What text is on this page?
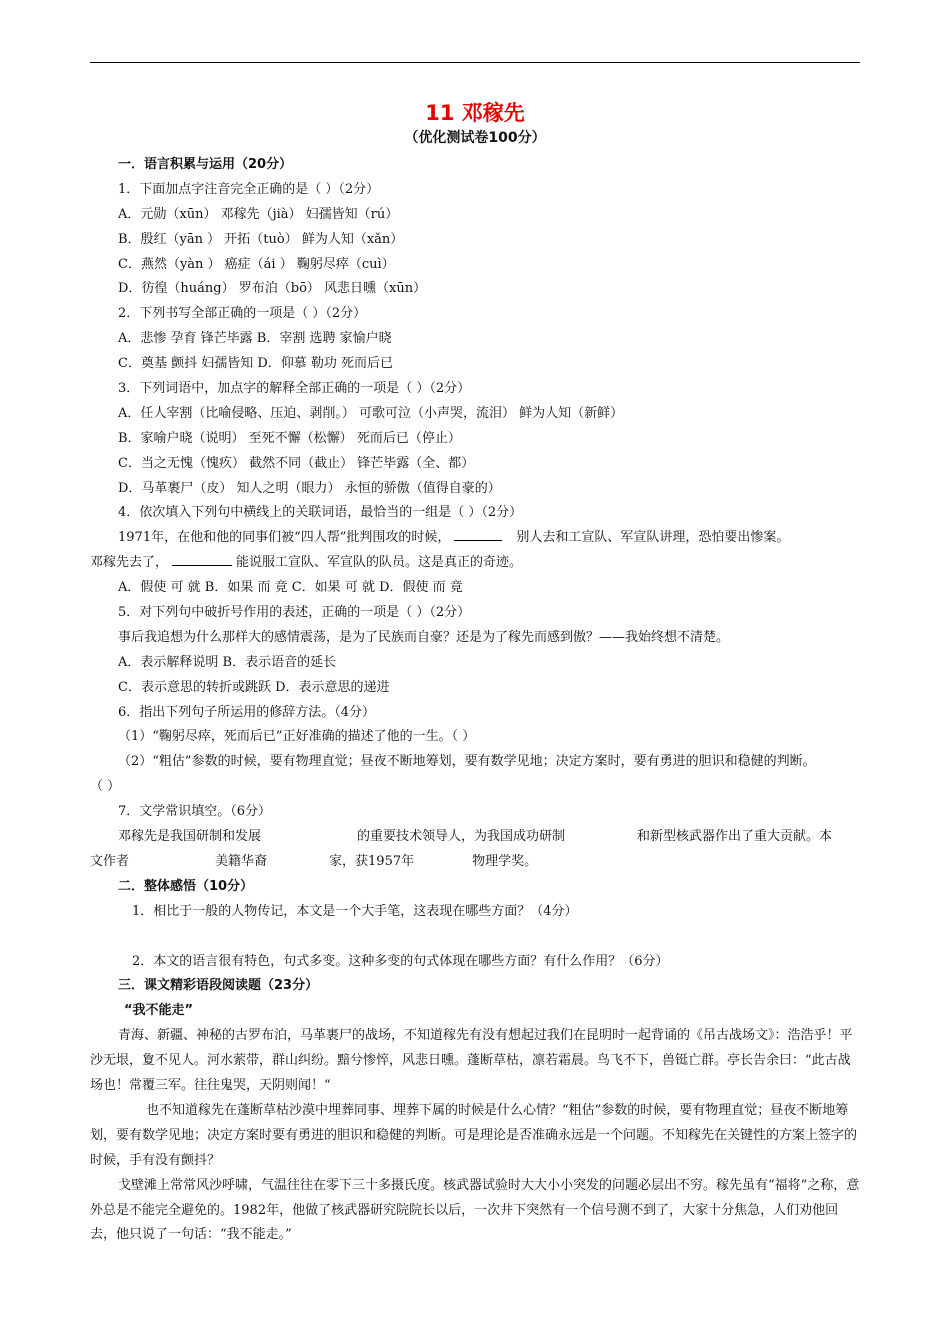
11 邓稼先
（优化测试卷100分）
一．语言积累与运用（20分）
1．下面加点字注音完全正确的是（ ）（2分）
A．元勋（xūn） 邓稼先（jià） 妇孺皆知（rú）
B．殷红（yān ） 开拓（tuò） 鲜为人知（xǎn）
C．燕然（yàn ） 癌症（ái ） 鞠躬尽瘁（cuì）
D．彷徨（huáng） 罗布泊（bō） 风悲日曛（xūn）
2．下列书写全部正确的一项是（ ）（2分）
A．悲惨 孕育 锋芒毕露 B．宰割 选聘 家愉户晓
C．奠基 颤抖 妇孺皆知 D．仰慕 勒功 死而后已
3．下列词语中，加点字的解释全部正确的一项是（ ）（2分）
A．任人宰割（比喻侵略、压迫、剥削。） 可歌可泣（小声哭，流泪） 鲜为人知（新鲜）
B．家喻户晓（说明） 至死不懈（松懈） 死而后已（停止）
C．当之无愧（愧疚） 截然不同（截止） 锋芒毕露（全、都）
D．马革裹尸（皮） 知人之明（眼力） 永恒的骄傲（值得自豪的）
4．依次填入下列句中横线上的关联词语，最恰当的一组是（ ）（2分）
1971年，在他和他的同事们被“四人帮”批判围攻的时候，	别人去和工宣队、军宣队讲理，恐怕要出惨案。
邓稼先去了，	能说服工宣队、军宣队的队员。这是真正的奇迹。
A．假使 可 就 B．如果 而 竟 C．如果 可 就 D．假使 而 竟
5．对下列句中破折号作用的表述，正确的一项是（ ）（2分）
事后我追想为什么那样大的感情震荡，是为了民族而自豪？还是为了稼先而感到傲？——我始终想不清楚。
A．表示解释说明 B．表示语音的延长
C．表示意思的转折或跳跃 D．表示意思的递进
6．指出下列句子所运用的修辞方法。（4分）
（1）“鞠躬尽瘁，死而后已”正好准确的描述了他的一生。（ ）
（2）“粗估”参数的时候，要有物理直觉；昼夜不断地筹划，要有数学见地；决定方案时，要有勇进的胆识和稳健的判断。
（ ）
7．文学常识填空。（6分）
邓稼先是我国研制和发展	的重要技术领导人，为我国成功研制	和新型核武器作出了重大贡献。本
文作者	美籍华裔	家，获1957年	物理学奖。
二．整体感悟（10分）
1．相比于一般的人物传记，本文是一个大手笔，这表现在哪些方面？（4分）
2．本文的语言很有特色，句式多变。这种多变的句式体现在哪些方面？有什么作用？（6分）
三．课文精彩语段阅读题（23分）
“我不能走”
青海、新疆、神秘的古罗布泊，马革裹尸的战场，不知道稼先有没有想起过我们在昆明时一起背诵的《吊古战场文》：浩浩乎！平沙无垠，夐不见人。河水萦带，群山纠纷。黯兮惨悴，风悲日曛。蓬断草枯，凛若霜晨。鸟飞不下，兽铤亡群。亭长告余曰：“此古战场也！常覆三军。往往鬼哭，天阴则闻！“
也不知道稼先在蓬断草枯沙漠中埋葬同事、埋葬下属的时候是什么心情？“粗估”参数的时候，要有物理直觉；昼夜不断地筹划，要有数学见地；决定方案时要有勇进的胆识和稳健的判断。可是理论是否准确永远是一个问题。不知稼先在关键性的方案上签字的时候，手有没有颤抖？
戈壁滩上常常风沙呼啸，气温往往在零下三十多摄氏度。核武器试验时大大小小突发的问题必层出不穷。稼先虽有“福将”之称，意外总是不能完全避免的。1982年，他做了核武器研究院院长以后，一次井下突然有一个信号测不到了，大家十分焦急，人们劝他回去，他只说了一句话：“我不能走。”
